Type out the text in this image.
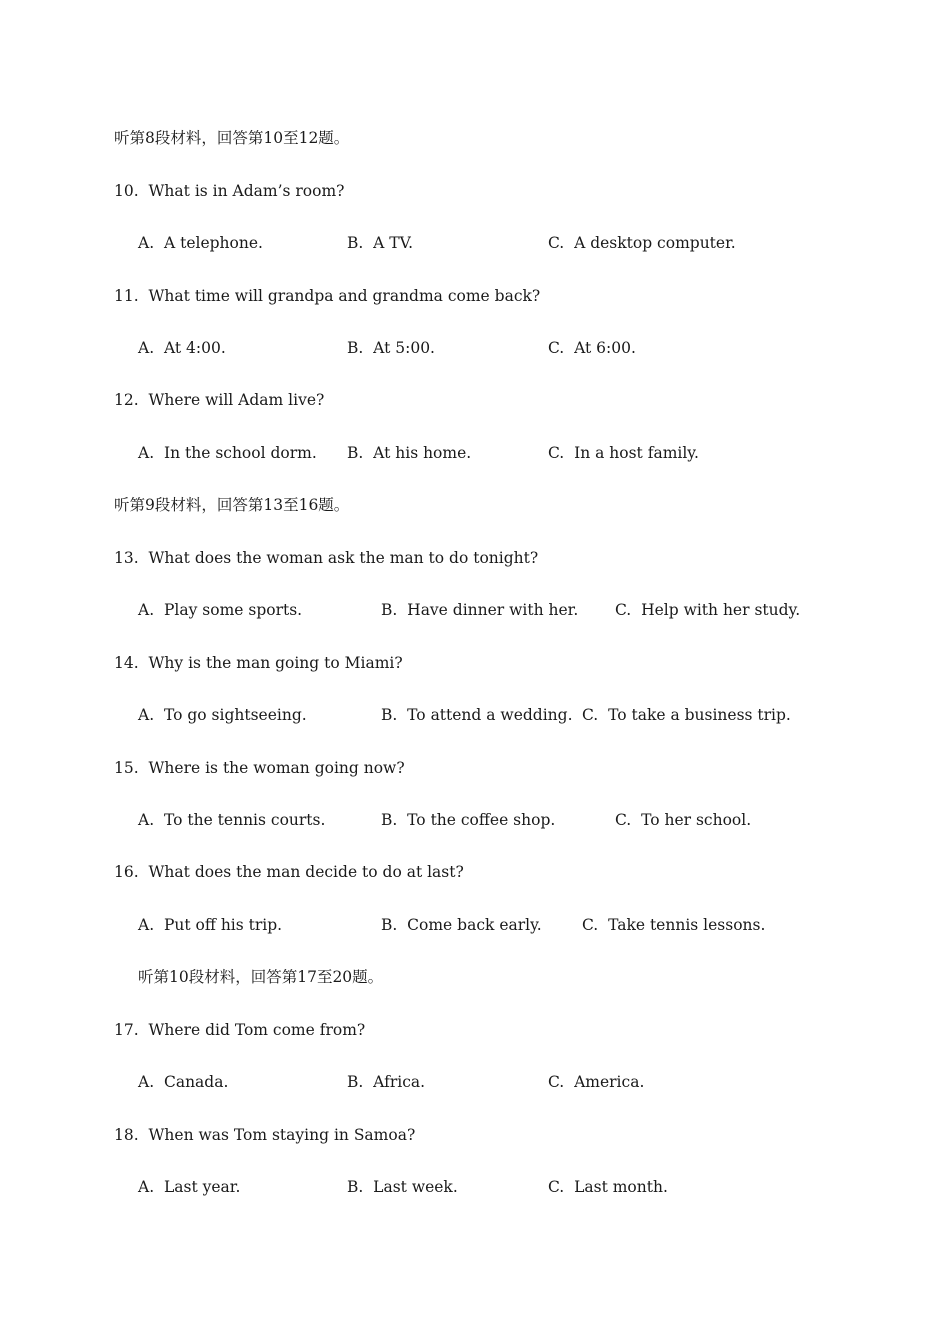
听第8段材料，回答第10至12题。
10.  What is in Adam’s room?
A.  A telephone.	B.  A TV.	C.  A desktop computer.
11.  What time will grandpa and grandma come back?
A.  At 4:00.	B.  At 5:00.	C.  At 6:00.
12.  Where will Adam live?
A.  In the school dorm. B.  At his home.	C.  In a host family.
听第9段材料，回答第13至16题。
13.  What does the woman ask the man to do tonight?
A.  Play some sports.	B.  Have dinner with her. C.  Help with her study.
14.  Why is the man going to Miami?
A.  To go sightseeing.	B.  To attend a wedding. C.  To take a business trip.
15.  Where is the woman going now?
A.  To the tennis courts.	B.  To the coffee shop.	C.  To her school.
16.  What does the man decide to do at last?
A.  Put off his trip.	B.  Come back early.	C.  Take tennis lessons.
听第10段材料，回答第17至20题。
17.  Where did Tom come from?
A.  Canada.	B.  Africa.	C.  America.
18.  When was Tom staying in Samoa?
A.  Last year.	B.  Last week.	C.  Last month.
